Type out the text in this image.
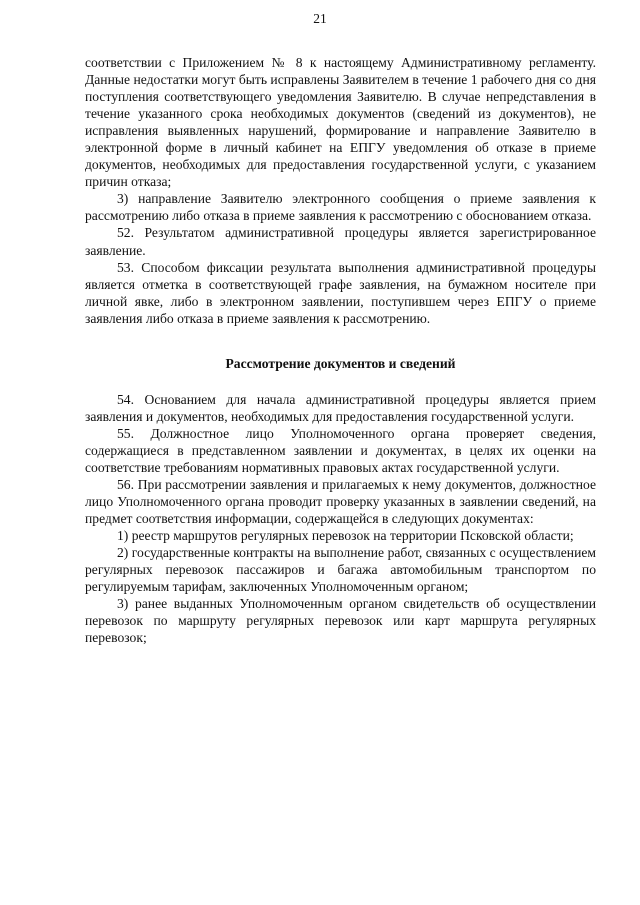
21

соответствии с Приложением № 8 к настоящему Административному регламенту. Данные недостатки могут быть исправлены Заявителем в течение 1 рабочего дня со дня поступления соответствующего уведомления Заявителю. В случае непредставления в течение указанного срока необходимых документов (сведений из документов), не исправления выявленных нарушений, формирование и направление Заявителю в электронной форме в личный кабинет на ЕПГУ уведомления об отказе в приеме документов, необходимых для предоставления государственной услуги, с указанием причин отказа;

3) направление Заявителю электронного сообщения о приеме заявления к рассмотрению либо отказа в приеме заявления к рассмотрению с обоснованием отказа.

52. Результатом административной процедуры является зарегистрированное заявление.

53. Способом фиксации результата выполнения административной процедуры является отметка в соответствующей графе заявления, на бумажном носителе при личной явке, либо в электронном заявлении, поступившем через ЕПГУ о приеме заявления либо отказа в приеме заявления к рассмотрению.

Рассмотрение документов и сведений

54. Основанием для начала административной процедуры является прием заявления и документов, необходимых для предоставления государственной услуги.

55. Должностное лицо Уполномоченного органа проверяет сведения, содержащиеся в представленном заявлении и документах, в целях их оценки на соответствие требованиям нормативных правовых актах государственной услуги.

56. При рассмотрении заявления и прилагаемых к нему документов, должностное лицо Уполномоченного органа проводит проверку указанных в заявлении сведений, на предмет соответствия информации, содержащейся в следующих документах:

1) реестр маршрутов регулярных перевозок на территории Псковской области;

2) государственные контракты на выполнение работ, связанных с осуществлением регулярных перевозок пассажиров и багажа автомобильным транспортом по регулируемым тарифам, заключенных Уполномоченным органом;

3) ранее выданных Уполномоченным органом свидетельств об осуществлении перевозок по маршруту регулярных перевозок или карт маршрута регулярных перевозок;
